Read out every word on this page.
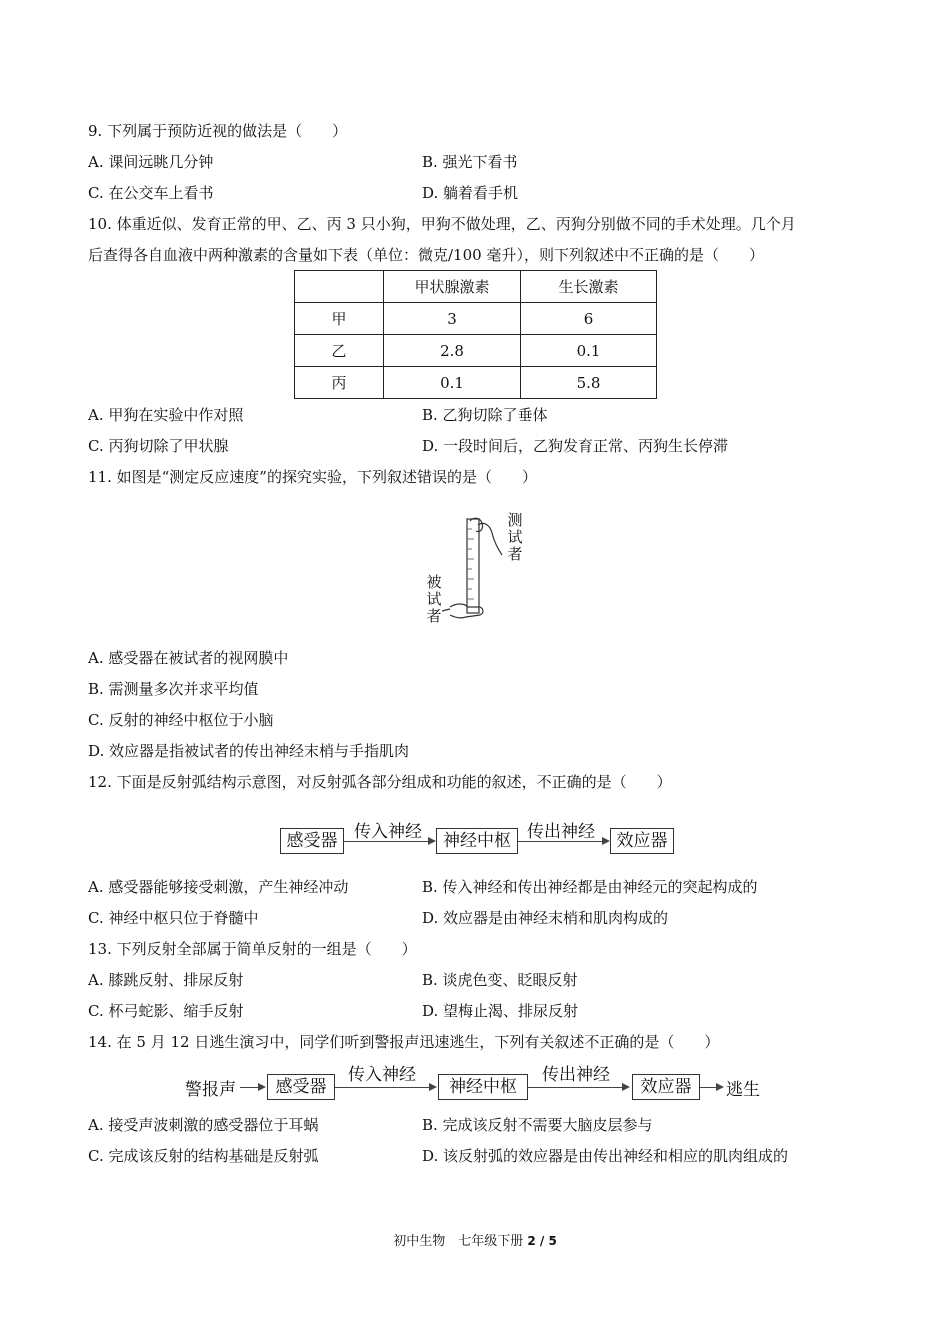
9. 下列属于预防近视的做法是（　　）
A. 课间远眺几分钟	B. 强光下看书
C. 在公交车上看书	D. 躺着看手机
10. 体重近似、发育正常的甲、乙、丙 3 只小狗，甲狗不做处理，乙、丙狗分别做不同的手术处理。几个月
后查得各自血液中两种激素的含量如下表（单位：微克/100 毫升），则下列叙述中不正确的是（　　）
	甲状腺激素	生长激素
甲	3	6
乙	2.8	0.1
丙	0.1	5.8
A. 甲狗在实验中作对照	B. 乙狗切除了垂体
C. 丙狗切除了甲状腺	D. 一段时间后，乙狗发育正常、丙狗生长停滞
11. 如图是“测定反应速度”的探究实验，下列叙述错误的是（　　）
测
试
者
被
试
者
A. 感受器在被试者的视网膜中
B. 需测量多次并求平均值
C. 反射的神经中枢位于小脑
D. 效应器是指被试者的传出神经末梢与手指肌肉
12. 下面是反射弧结构示意图，对反射弧各部分组成和功能的叙述，不正确的是（　　）
感受器 传入神经	神经中枢 传出神经	效应器
A. 感受器能够接受刺激，产生神经冲动	B. 传入神经和传出神经都是由神经元的突起构成的
C. 神经中枢只位于脊髓中	D. 效应器是由神经末梢和肌肉构成的
13. 下列反射全部属于简单反射的一组是（　　）
A. 膝跳反射、排尿反射	B. 谈虎色变、眨眼反射
C. 杯弓蛇影、缩手反射	D. 望梅止渴、排尿反射
14. 在 5 月 12 日逃生演习中，同学们听到警报声迅速逃生，下列有关叙述不正确的是（　　）
警报声	感受器
传入神经
神经中枢
传出神经
效应器	逃生
A. 接受声波刺激的感受器位于耳蜗	B. 完成该反射不需要大脑皮层参与
C. 完成该反射的结构基础是反射弧	D. 该反射弧的效应器是由传出神经和相应的肌肉组成的
初中生物　七年级下册 2 / 5
